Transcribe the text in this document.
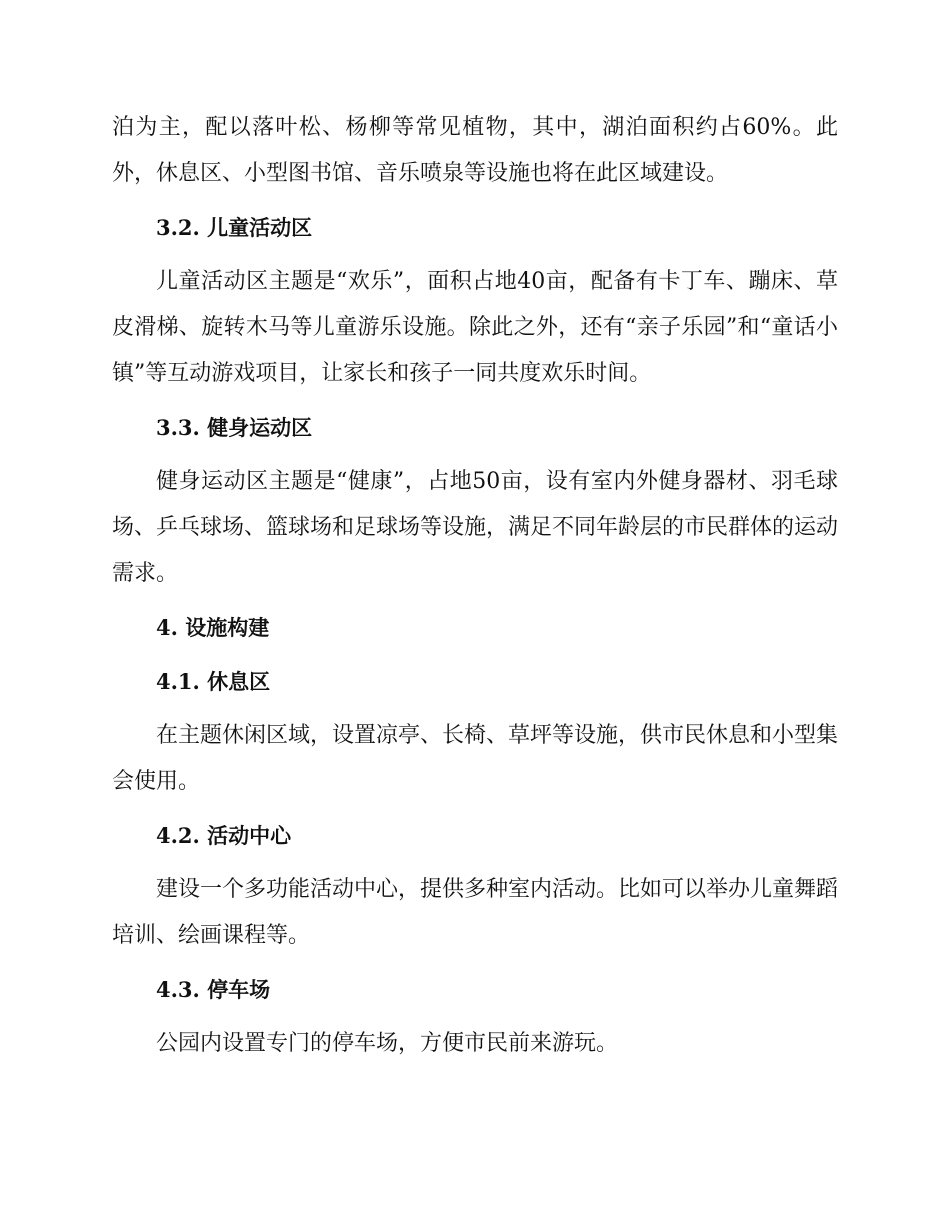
泊为主，配以落叶松、杨柳等常见植物，其中，湖泊面积约占60%。此外，休息区、小型图书馆、音乐喷泉等设施也将在此区域建设。

3.2. 儿童活动区

儿童活动区主题是“欢乐”，面积占地40亩，配备有卡丁车、蹦床、草皮滑梯、旋转木马等儿童游乐设施。除此之外，还有“亲子乐园”和“童话小镇”等互动游戏项目，让家长和孩子一同共度欢乐时间。

3.3. 健身运动区

健身运动区主题是“健康”，占地50亩，设有室内外健身器材、羽毛球场、乒乓球场、篮球场和足球场等设施，满足不同年龄层的市民群体的运动需求。

4. 设施构建
4.1. 休息区

在主题休闲区域，设置凉亭、长椅、草坪等设施，供市民休息和小型集会使用。

4.2. 活动中心

建设一个多功能活动中心，提供多种室内活动。比如可以举办儿童舞蹈培训、绘画课程等。

4.3. 停车场

公园内设置专门的停车场，方便市民前来游玩。
